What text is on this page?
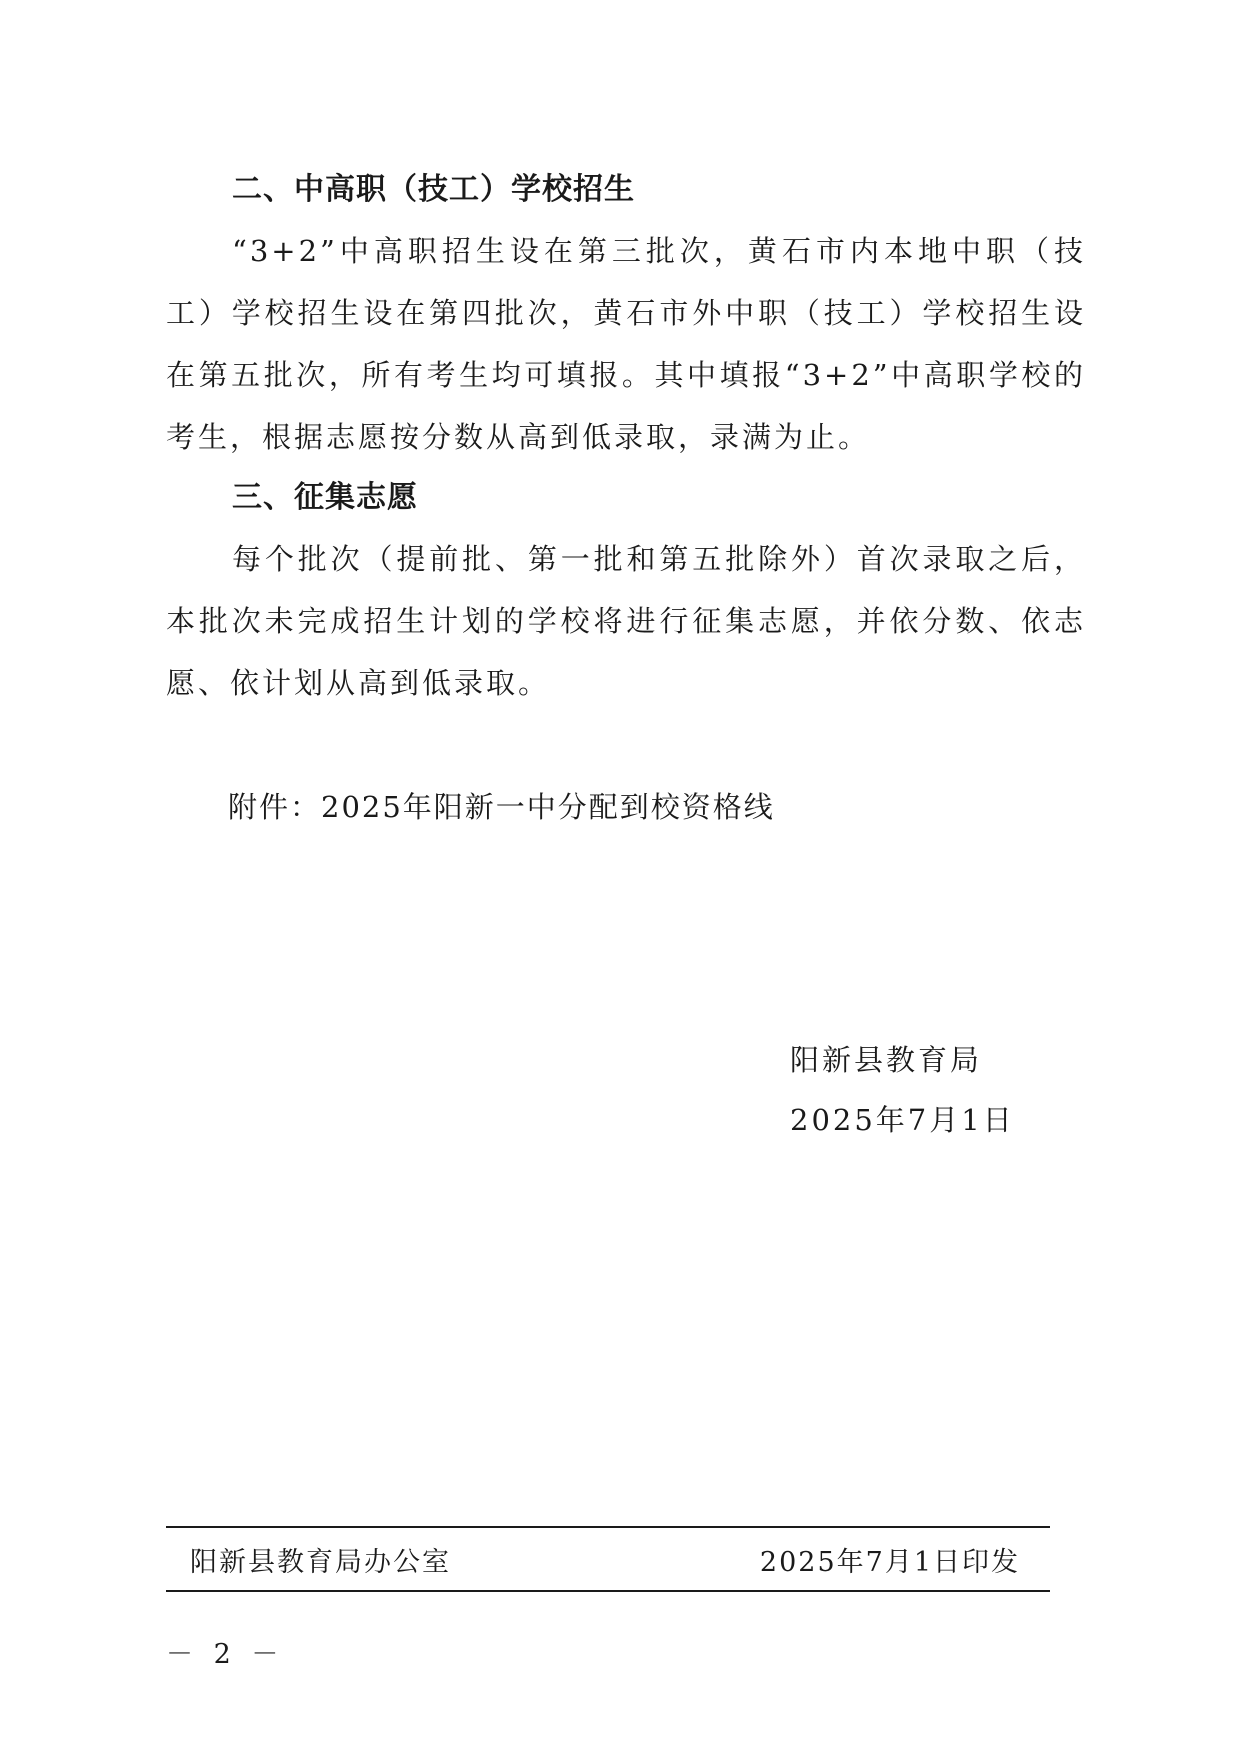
二、中高职（技工）学校招生

“3+2”中高职招生设在第三批次，黄石市内本地中职（技工）学校招生设在第四批次，黄石市外中职（技工）学校招生设在第五批次，所有考生均可填报。其中填报“3+2”中高职学校的考生，根据志愿按分数从高到低录取，录满为止。

三、征集志愿

每个批次（提前批、第一批和第五批除外）首次录取之后，本批次未完成招生计划的学校将进行征集志愿，并依分数、依志愿、依计划从高到低录取。

附件：2025年阳新一中分配到校资格线

阳新县教育局

2025年7月1日

阳新县教育局办公室	2025年7月1日印发
－ 2 －
